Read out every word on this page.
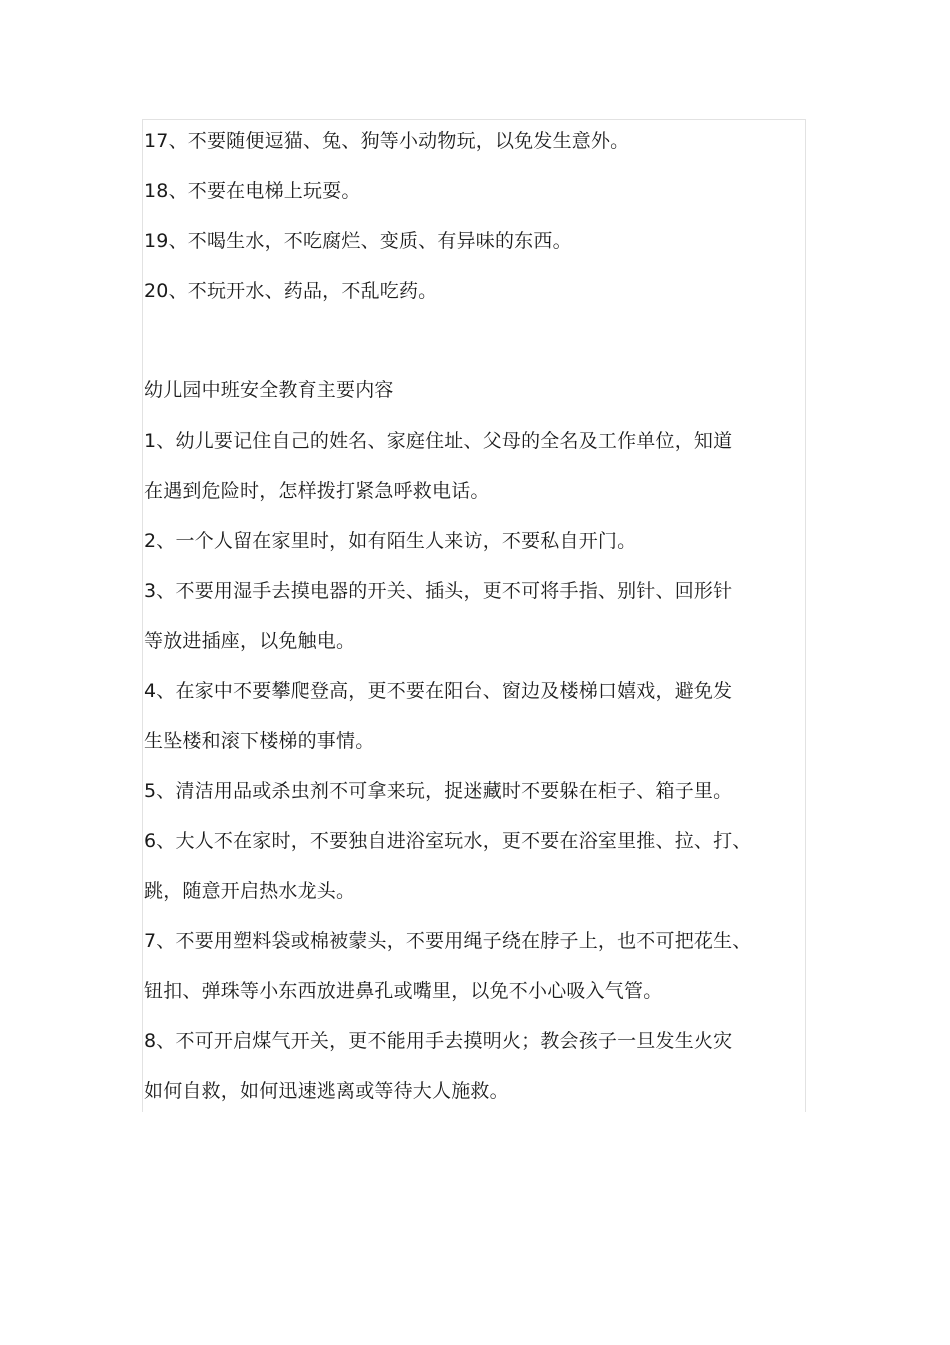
17、不要随便逗猫、兔、狗等小动物玩，以免发生意外。
18、不要在电梯上玩耍。
19、不喝生水，不吃腐烂、变质、有异味的东西。
20、不玩开水、药品，不乱吃药。
幼儿园中班安全教育主要内容
1、幼儿要记住自己的姓名、家庭住址、父母的全名及工作单位，知道
在遇到危险时，怎样拨打紧急呼救电话。
2、一个人留在家里时，如有陌生人来访，不要私自开门。
3、不要用湿手去摸电器的开关、插头，更不可将手指、别针、回形针
等放进插座，以免触电。
4、在家中不要攀爬登高，更不要在阳台、窗边及楼梯口嬉戏，避免发
生坠楼和滚下楼梯的事情。
5、清洁用品或杀虫剂不可拿来玩，捉迷藏时不要躲在柜子、箱子里。
6、大人不在家时，不要独自进浴室玩水，更不要在浴室里推、拉、打、
跳，随意开启热水龙头。
7、不要用塑料袋或棉被蒙头，不要用绳子绕在脖子上，也不可把花生、
钮扣、弹珠等小东西放进鼻孔或嘴里，以免不小心吸入气管。
8、不可开启煤气开关，更不能用手去摸明火；教会孩子一旦发生火灾
如何自救，如何迅速逃离或等待大人施救。
